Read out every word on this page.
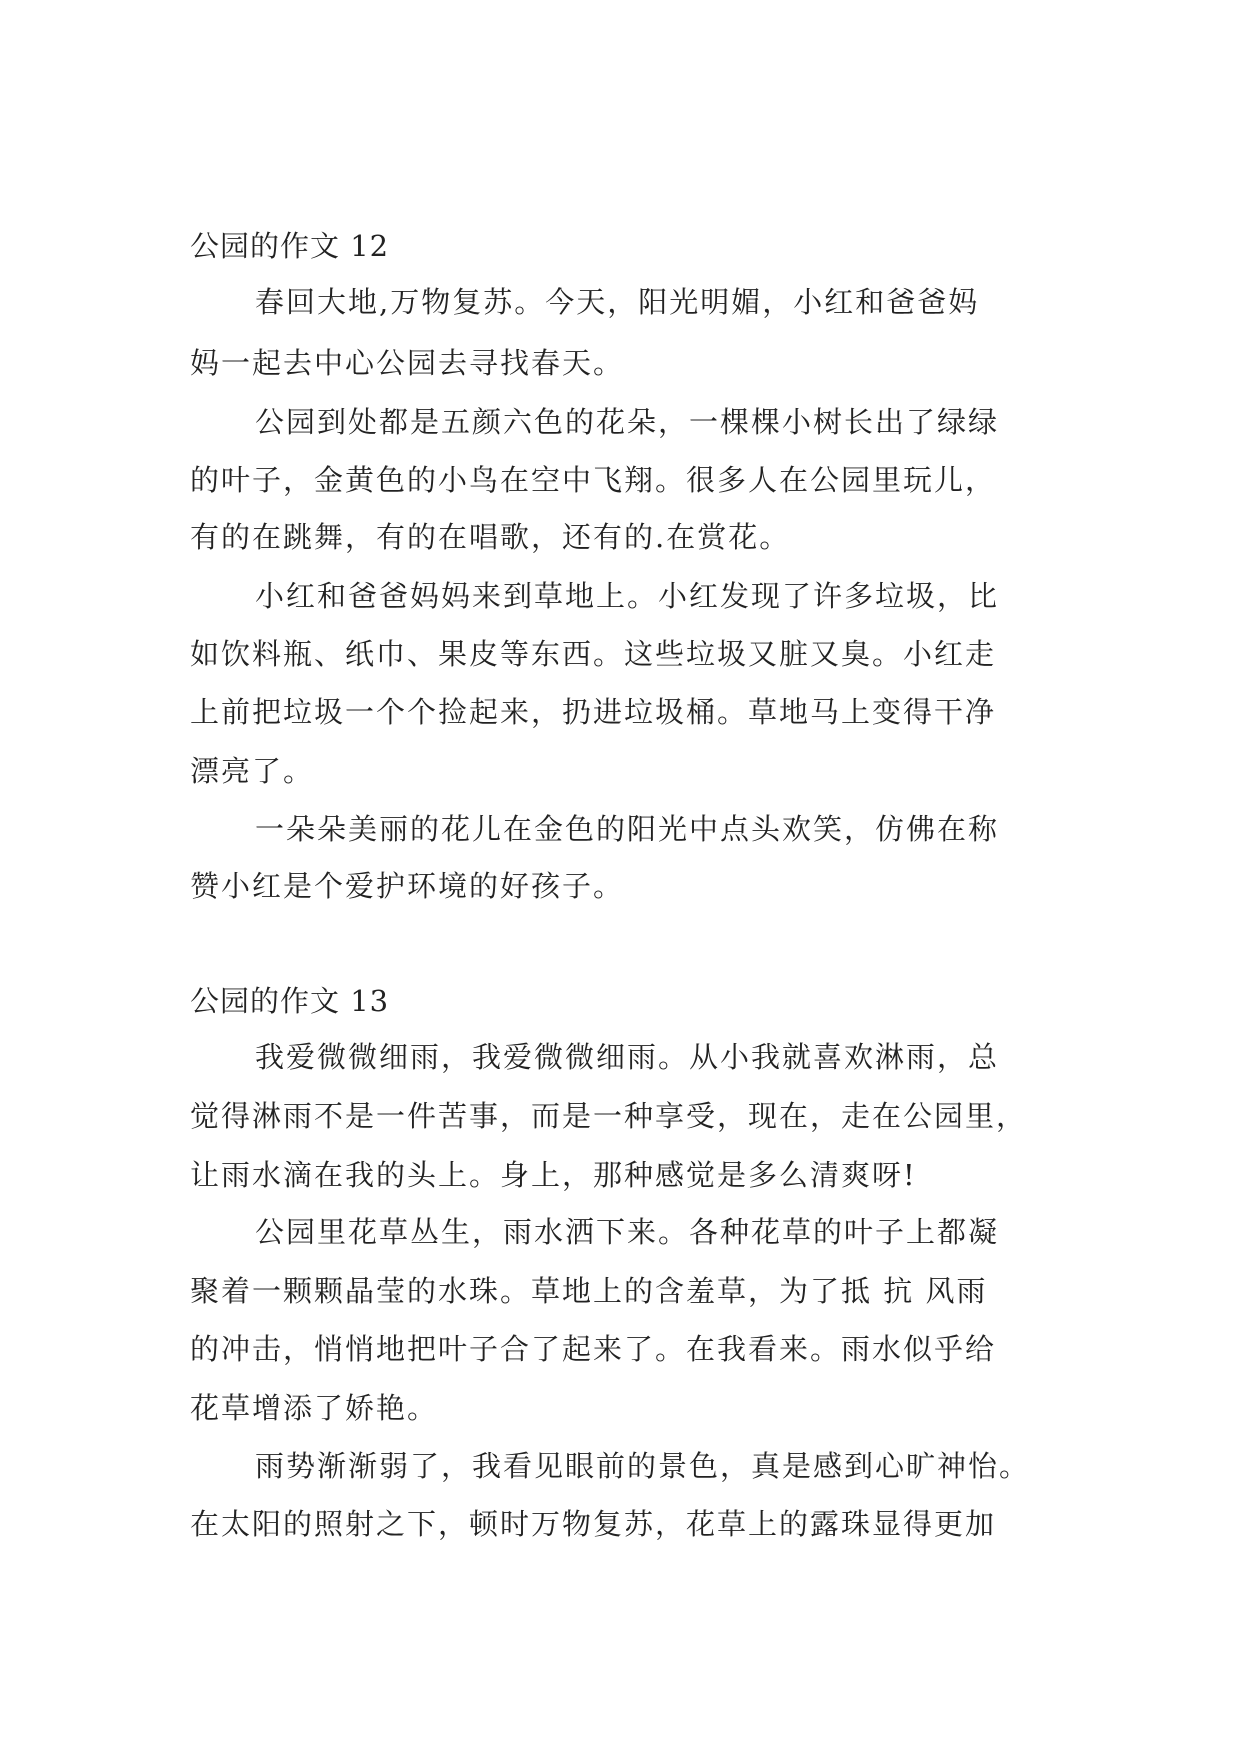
公园的作文 12
春回大地,万物复苏。今天，阳光明媚，小红和爸爸妈
妈一起去中心公园去寻找春天。
公园到处都是五颜六色的花朵，一棵棵小树长出了绿绿
的叶子，金黄色的小鸟在空中飞翔。很多人在公园里玩儿，
有的在跳舞，有的在唱歌，还有的.在赏花。
小红和爸爸妈妈来到草地上。小红发现了许多垃圾，比
如饮料瓶、纸巾、果皮等东西。这些垃圾又脏又臭。小红走
上前把垃圾一个个捡起来，扔进垃圾桶。草地马上变得干净
漂亮了。
一朵朵美丽的花儿在金色的阳光中点头欢笑，仿佛在称
赞小红是个爱护环境的好孩子。
公园的作文 13
我爱微微细雨，我爱微微细雨。从小我就喜欢淋雨，总
觉得淋雨不是一件苦事，而是一种享受，现在，走在公园里，
让雨水滴在我的头上。身上，那种感觉是多么清爽呀!
公园里花草丛生，雨水洒下来。各种花草的叶子上都凝
聚着一颗颗晶莹的水珠。草地上的含羞草，为了抵 抗 风雨
的冲击，悄悄地把叶子合了起来了。在我看来。雨水似乎给
花草增添了娇艳。
雨势渐渐弱了，我看见眼前的景色，真是感到心旷神怡。
在太阳的照射之下，顿时万物复苏，花草上的露珠显得更加
